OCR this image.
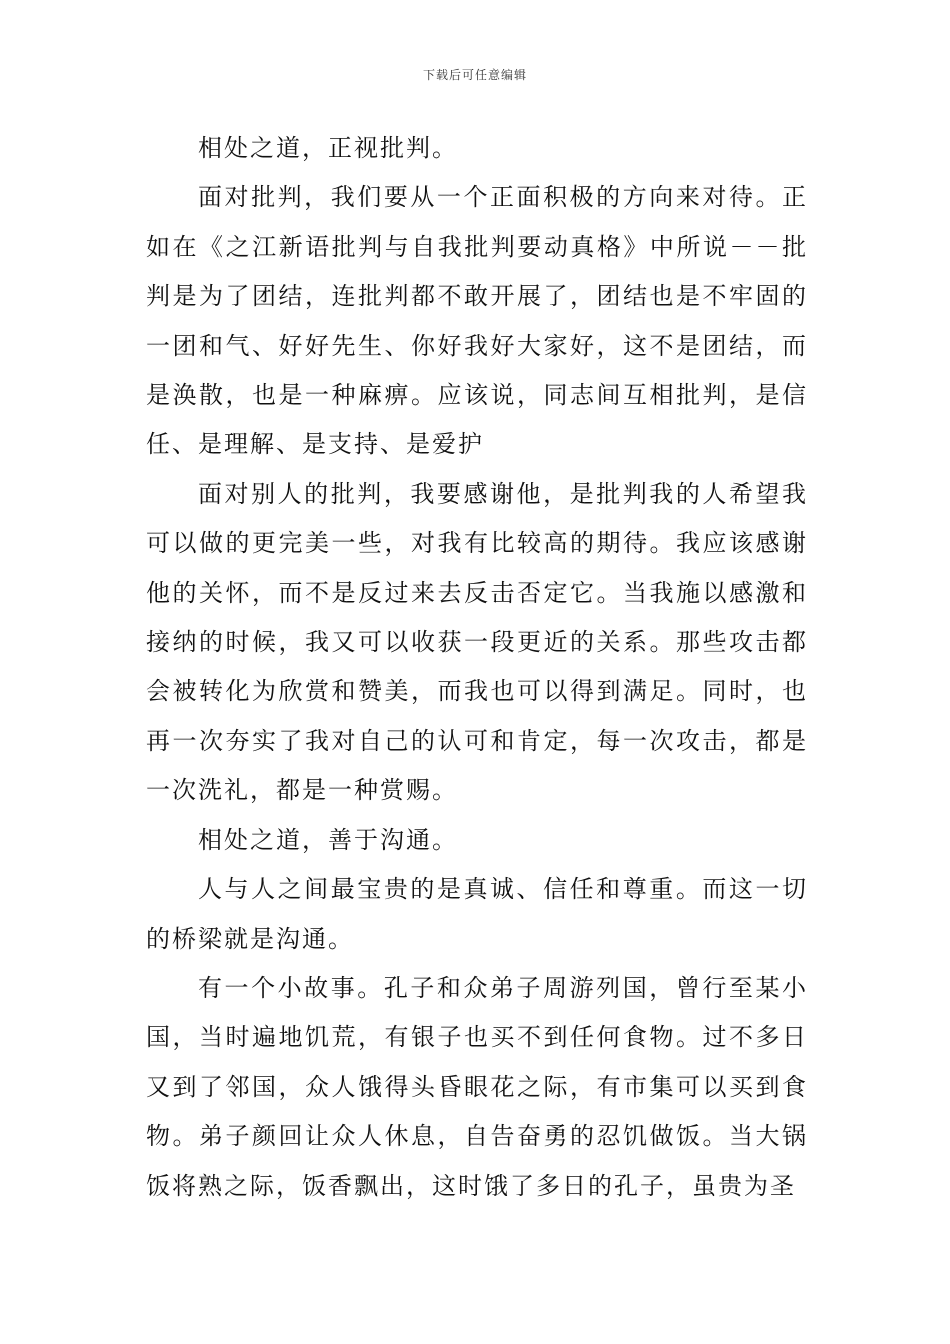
下载后可任意编辑

相处之道，正视批判。

面对批判，我们要从一个正面积极的方向来对待。正如在《之江新语批判与自我批判要动真格》中所说－－批判是为了团结，连批判都不敢开展了，团结也是不牢固的一团和气、好好先生、你好我好大家好，这不是团结，而是涣散，也是一种麻痹。应该说，同志间互相批判，是信任、是理解、是支持、是爱护

面对别人的批判，我要感谢他，是批判我的人希望我可以做的更完美一些，对我有比较高的期待。我应该感谢他的关怀，而不是反过来去反击否定它。当我施以感激和接纳的时候，我又可以收获一段更近的关系。那些攻击都会被转化为欣赏和赞美，而我也可以得到满足。同时，也再一次夯实了我对自己的认可和肯定，每一次攻击，都是一次洗礼，都是一种赏赐。

相处之道，善于沟通。

人与人之间最宝贵的是真诚、信任和尊重。而这一切的桥梁就是沟通。

有一个小故事。孔子和众弟子周游列国，曾行至某小国，当时遍地饥荒，有银子也买不到任何食物。过不多日又到了邻国，众人饿得头昏眼花之际，有市集可以买到食物。弟子颜回让众人休息，自告奋勇的忍饥做饭。当大锅饭将熟之际，饭香飘出，这时饿了多日的孔子，虽贵为圣
